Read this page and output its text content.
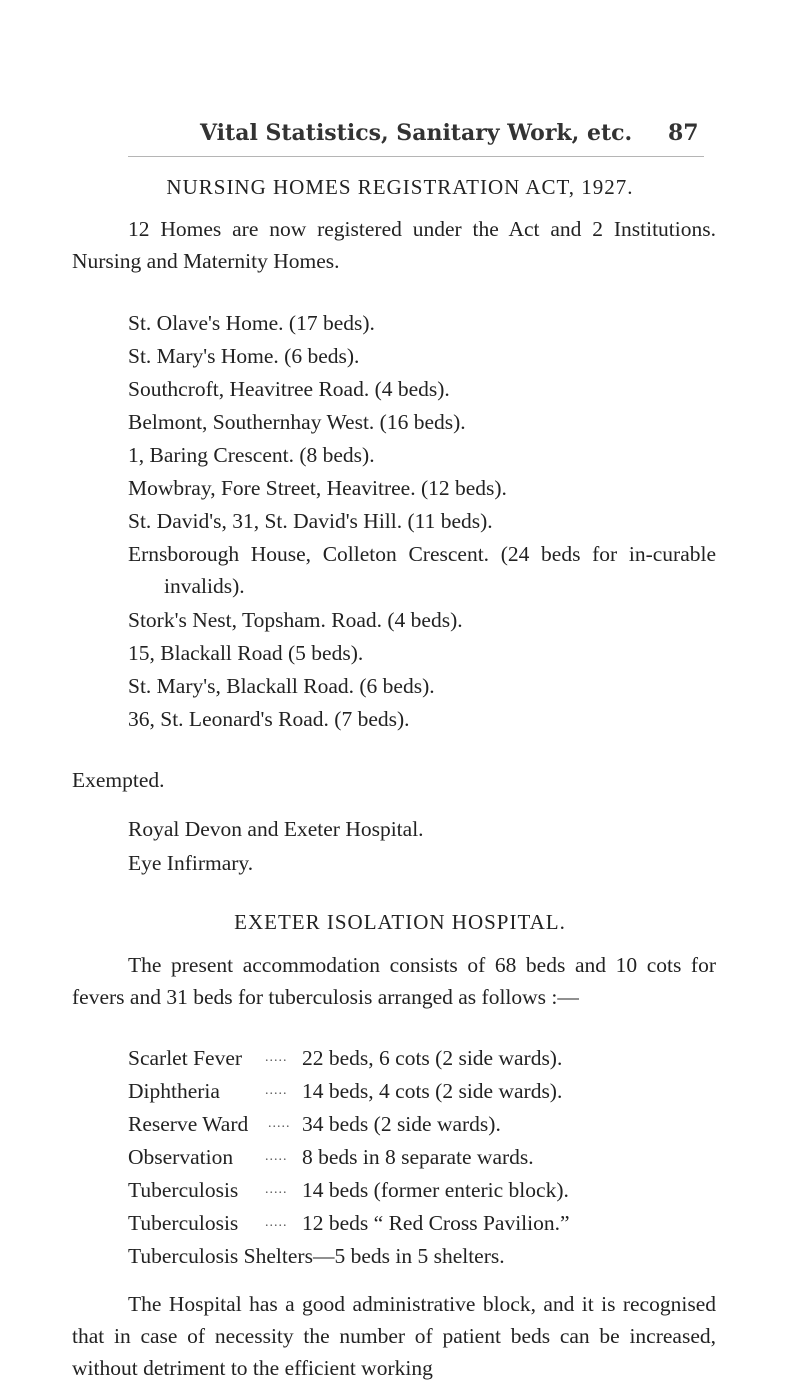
Vital Statistics, Sanitary Work, etc. 87
NURSING HOMES REGISTRATION ACT, 1927.
12 Homes are now registered under the Act and 2 Institutions. Nursing and Maternity Homes.
St. Olave's Home. (17 beds).
St. Mary's Home. (6 beds).
Southcroft, Heavitree Road. (4 beds).
Belmont, Southernhay West. (16 beds).
1, Baring Crescent. (8 beds).
Mowbray, Fore Street, Heavitree. (12 beds).
St. David's, 31, St. David's Hill. (11 beds).
Ernsborough House, Colleton Crescent. (24 beds for in-curable invalids).
Stork's Nest, Topsham. Road. (4 beds).
15, Blackall Road (5 beds).
St. Mary's, Blackall Road. (6 beds).
36, St. Leonard's Road. (7 beds).
Exempted.
Royal Devon and Exeter Hospital.
Eye Infirmary.
EXETER ISOLATION HOSPITAL.
The present accommodation consists of 68 beds and 10 cots for fevers and 31 beds for tuberculosis arranged as follows :—
Scarlet Fever ..... 22 beds, 6 cots (2 side wards).
Diphtheria	..... 14 beds, 4 cots (2 side wards).
Reserve Ward ..... 34 beds (2 side wards).
Observation ..... 8 beds in 8 separate wards.
Tuberculosis ..... 14 beds (former enteric block).
Tuberculosis ..... 12 beds “ Red Cross Pavilion.”
Tuberculosis Shelters—5 beds in 5 shelters.
The Hospital has a good administrative block, and it is recognised that in case of necessity the number of patient beds can be increased, without detriment to the efficient working
